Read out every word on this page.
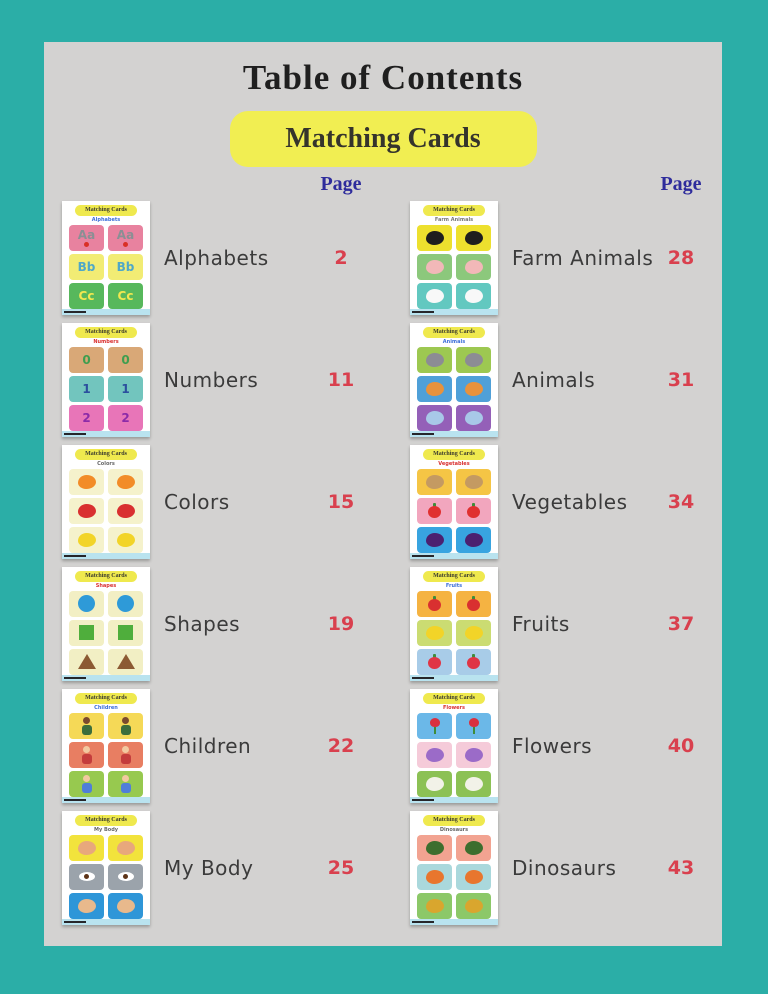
Table of Contents
Matching Cards
Page	Page
Matching Cards
Alphabets
Aa Aa
Bb Bb
Cc Cc
Alphabets	2
Matching Cards
Numbers
0	0
1	1
2	2
Numbers	11
Matching Cards
Colors
Colors	15
Matching Cards
Shapes
Shapes	19
Matching Cards
Children
Children	22
Matching Cards
My Body
My Body	25
Matching Cards
Farm Animals
Farm Animals 28
Matching Cards
Animals
Animals	31
Matching Cards
Vegetables
Vegetables	34
Matching Cards
Fruits
Fruits	37
Matching Cards
Flowers
Flowers	40
Matching Cards
Dinosaurs
Dinosaurs	43
